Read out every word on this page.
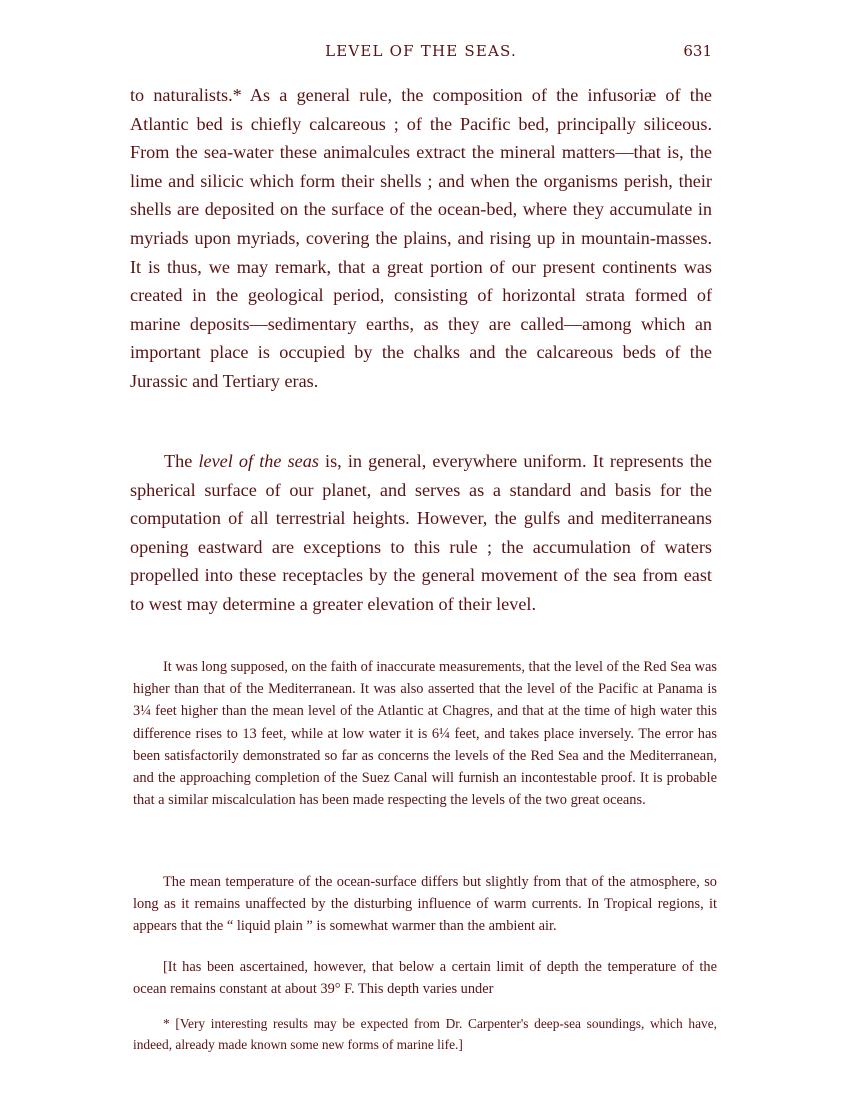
LEVEL OF THE SEAS.	631

to naturalists.* As a general rule, the composition of the infusoriæ of the Atlantic bed is chiefly calcareous ; of the Pacific bed, principally siliceous. From the sea-water these animalcules extract the mineral matters—that is, the lime and silicic which form their shells ; and when the organisms perish, their shells are deposited on the surface of the ocean-bed, where they accumulate in myriads upon myriads, covering the plains, and rising up in mountain-masses. It is thus, we may remark, that a great portion of our present continents was created in the geological period, consisting of horizontal strata formed of marine deposits—sedimentary earths, as they are called—among which an important place is occupied by the chalks and the calcareous beds of the Jurassic and Tertiary eras.

The level of the seas is, in general, everywhere uniform. It represents the spherical surface of our planet, and serves as a standard and basis for the computation of all terrestrial heights. However, the gulfs and mediterraneans opening eastward are exceptions to this rule ; the accumulation of waters propelled into these receptacles by the general movement of the sea from east to west may determine a greater elevation of their level.

It was long supposed, on the faith of inaccurate measurements, that the level of the Red Sea was higher than that of the Mediterranean. It was also asserted that the level of the Pacific at Panama is 3¼ feet higher than the mean level of the Atlantic at Chagres, and that at the time of high water this difference rises to 13 feet, while at low water it is 6¼ feet, and takes place inversely. The error has been satisfactorily demonstrated so far as concerns the levels of the Red Sea and the Mediterranean, and the approaching completion of the Suez Canal will furnish an incontestable proof. It is probable that a similar miscalculation has been made respecting the levels of the two great oceans.

The mean temperature of the ocean-surface differs but slightly from that of the atmosphere, so long as it remains unaffected by the disturbing influence of warm currents. In Tropical regions, it appears that the “ liquid plain ” is somewhat warmer than the ambient air.

[It has been ascertained, however, that below a certain limit of depth the temperature of the ocean remains constant at about 39° F. This depth varies under

* [Very interesting results may be expected from Dr. Carpenter's deep-sea soundings, which have, indeed, already made known some new forms of marine life.]
